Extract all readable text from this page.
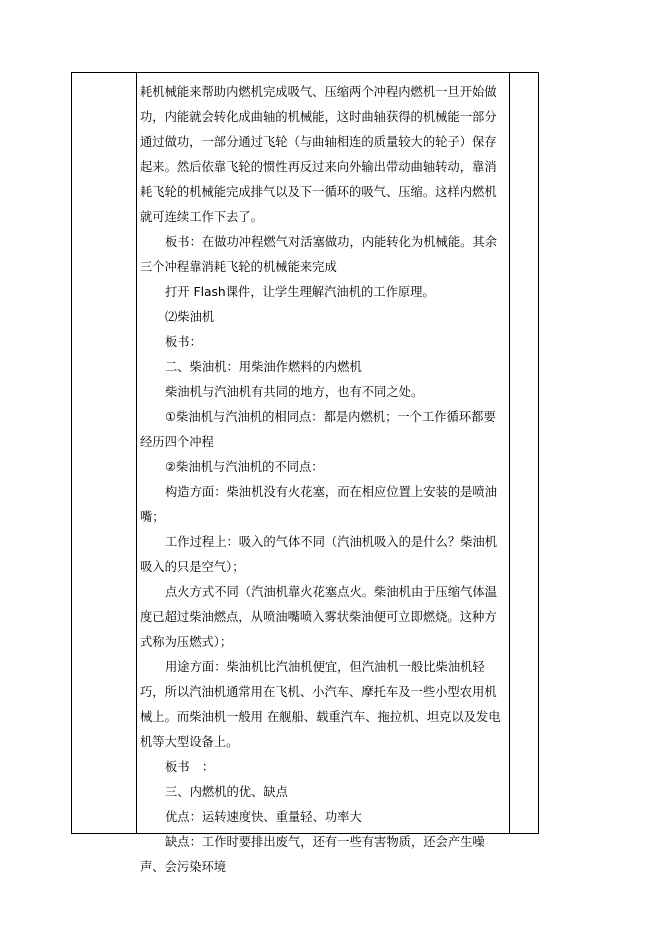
耗机械能来帮助内燃机完成吸气、压缩两个冲程内燃机一旦开始做功，内能就会转化成曲轴的机械能，这时曲轴获得的机械能一部分通过做功，一部分通过飞轮（与曲轴相连的质量较大的轮子）保存起来。然后依靠飞轮的惯性再反过来向外输出带动曲轴转动，靠消耗飞轮的机械能完成排气以及下一循环的吸气、压缩。这样内燃机就可连续工作下去了。

板书：在做功冲程燃气对活塞做功，内能转化为机械能。其余三个冲程靠消耗飞轮的机械能来完成

打开 Flash课件，让学生理解汽油机的工作原理。

⑵柴油机

板书：

二、柴油机：用柴油作燃料的内燃机

柴油机与汽油机有共同的地方，也有不同之处。

①柴油机与汽油机的相同点：都是内燃机；一个工作循环都要经历四个冲程

②柴油机与汽油机的不同点：

构造方面：柴油机没有火花塞，而在相应位置上安装的是喷油嘴；

工作过程上：吸入的气体不同（汽油机吸入的是什么？柴油机吸入的只是空气）；

点火方式不同（汽油机靠火花塞点火。柴油机由于压缩气体温度已超过柴油燃点，从喷油嘴喷入雾状柴油便可立即燃烧。这种方式称为压燃式）；

用途方面：柴油机比汽油机便宜，但汽油机一般比柴油机轻巧，所以汽油机通常用在飞机、小汽车、摩托车及一些小型农用机械上。而柴油机一般用 在舰船、载重汽车、拖拉机、坦克以及发电机等大型设备上。

板书　：

三、内燃机的优、缺点

优点：运转速度快、重量轻、功率大

缺点：工作时要排出废气，还有一些有害物质，还会产生噪声、会污染环境
